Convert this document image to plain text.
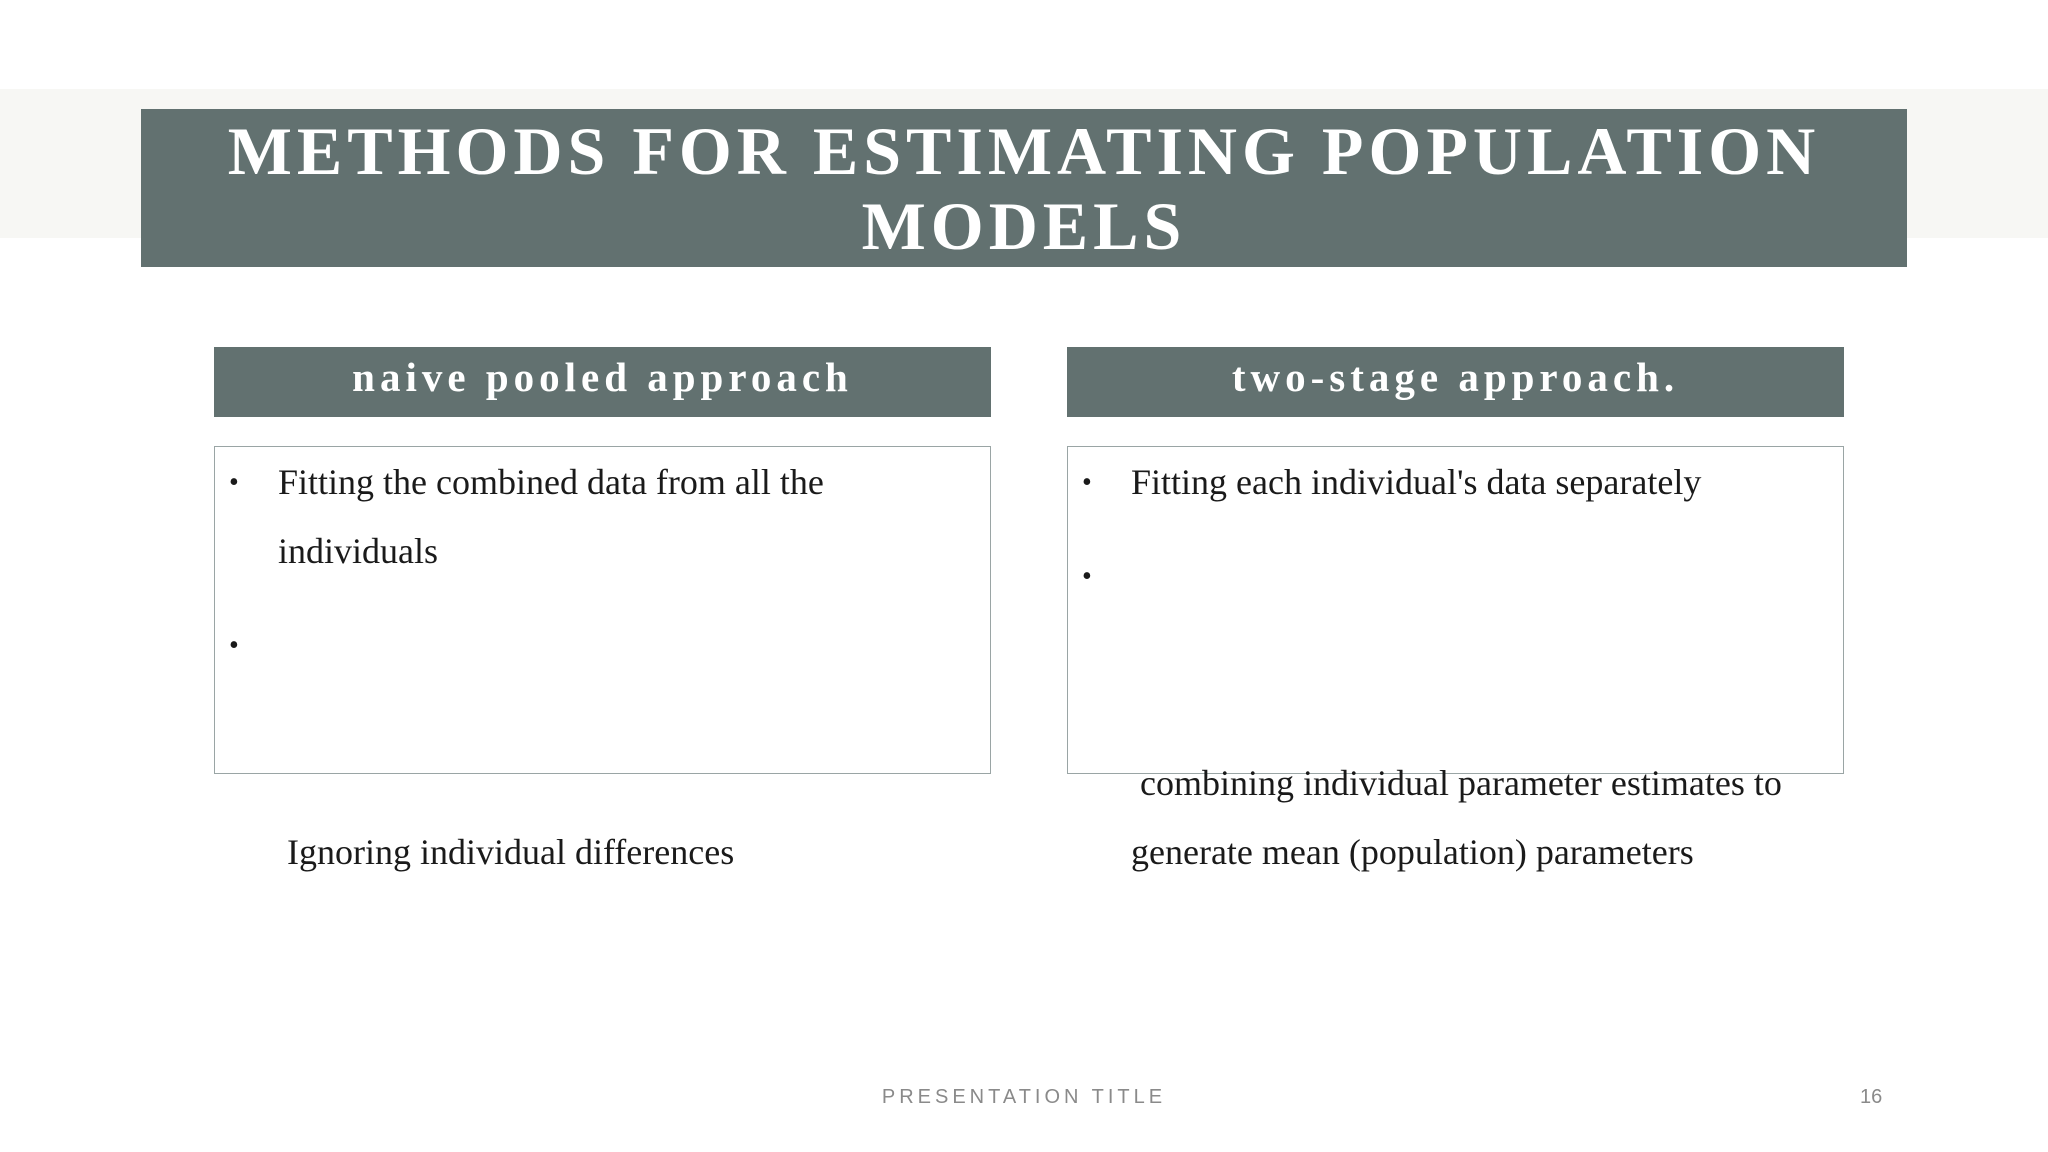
METHODS FOR ESTIMATING POPULATION
MODELS
naive pooled approach
•	Fitting the combined data from all the individuals

•

Ignoring individual differences

two-stage approach.
•	Fitting each individual's data separately

•

combining individual parameter estimates to generate mean (population) parameters

PRESENTATION TITLE	16
